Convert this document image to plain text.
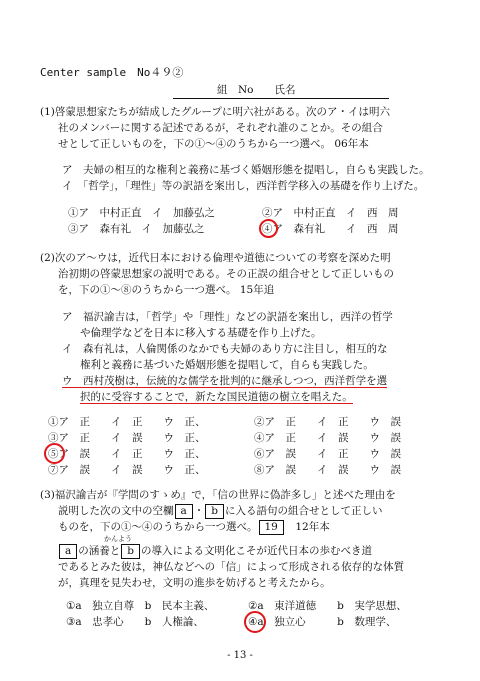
Center sample　No４９②
組　No　　氏名
(1)啓蒙思想家たちが結成したグループに明六社がある。次のア・イは明六
社のメンバーに関する記述であるが，それぞれ誰のことか。その組合
せとして正しいものを，下の①～④のうちから一つ選べ。 06年本
ア　夫婦の相互的な権利と義務に基づく婚姻形態を提唱し，自らも実践した。
イ　「哲学」，「理性」等の訳語を案出し，西洋哲学移入の基礎を作り上げた。
①ア　中村正直　イ　加藤弘之	②ア　中村正直　イ　西　周
③ア　森有礼　イ　加藤弘之	④ア　森有礼　　イ　西　周
(2)次のア～ウは，近代日本における倫理や道徳についての考察を深めた明
治初期の啓蒙思想家の説明である。その正誤の組合せとして正しいもの
を，下の①～⑧のうちから一つ選べ。 15年追
ア　福沢諭吉は，「哲学」や「理性」などの訳語を案出し，西洋の哲学
や倫理学などを日本に移入する基礎を作り上げた。
イ　森有礼は，人倫関係のなかでも夫婦のあり方に注目し，相互的な
権利と義務に基づいた婚姻形態を提唱して，自らも実践した。
ウ　西村茂樹は，伝統的な儒学を批判的に継承しつつ，西洋哲学を選
択的に受容することで，新たな国民道徳の樹立を唱えた。
①ア　正　　イ　正　　ウ　正、	②ア　正　　イ　正　　ウ　誤
③ア　正　　イ　誤　　ウ　正、	④ア　正　　イ　誤　　ウ　誤
⑤ア　誤　　イ　正　　ウ　正、	⑥ア　誤　　イ　正　　ウ　誤
⑦ア　誤　　イ　誤　　ウ　正、	⑧ア　誤　　イ　誤　　ウ　誤
(3)福沢諭吉が『学問のすゝめ』で，「信の世界に偽詐多し」と述べた理由を
説明した次の文中の空欄 a ・ b に入る語句の組合せとして正しい
ものを，下の①～④のうちから一つ選べ。 19　 12年本
かんよう
a の涵養と b の導入による文明化こそが近代日本の歩むべき道
であるとみた彼は，神仏などへの「信」によって形成される依存的な体質
が，真理を見失わせ，文明の進歩を妨げると考えたから。
①a　独立自尊　b　民本主義、	②a　東洋道徳　　b　実学思想、
③a　忠孝心　　b　人権論、	④a　独立心　　　b　数理学、
- 13 -
